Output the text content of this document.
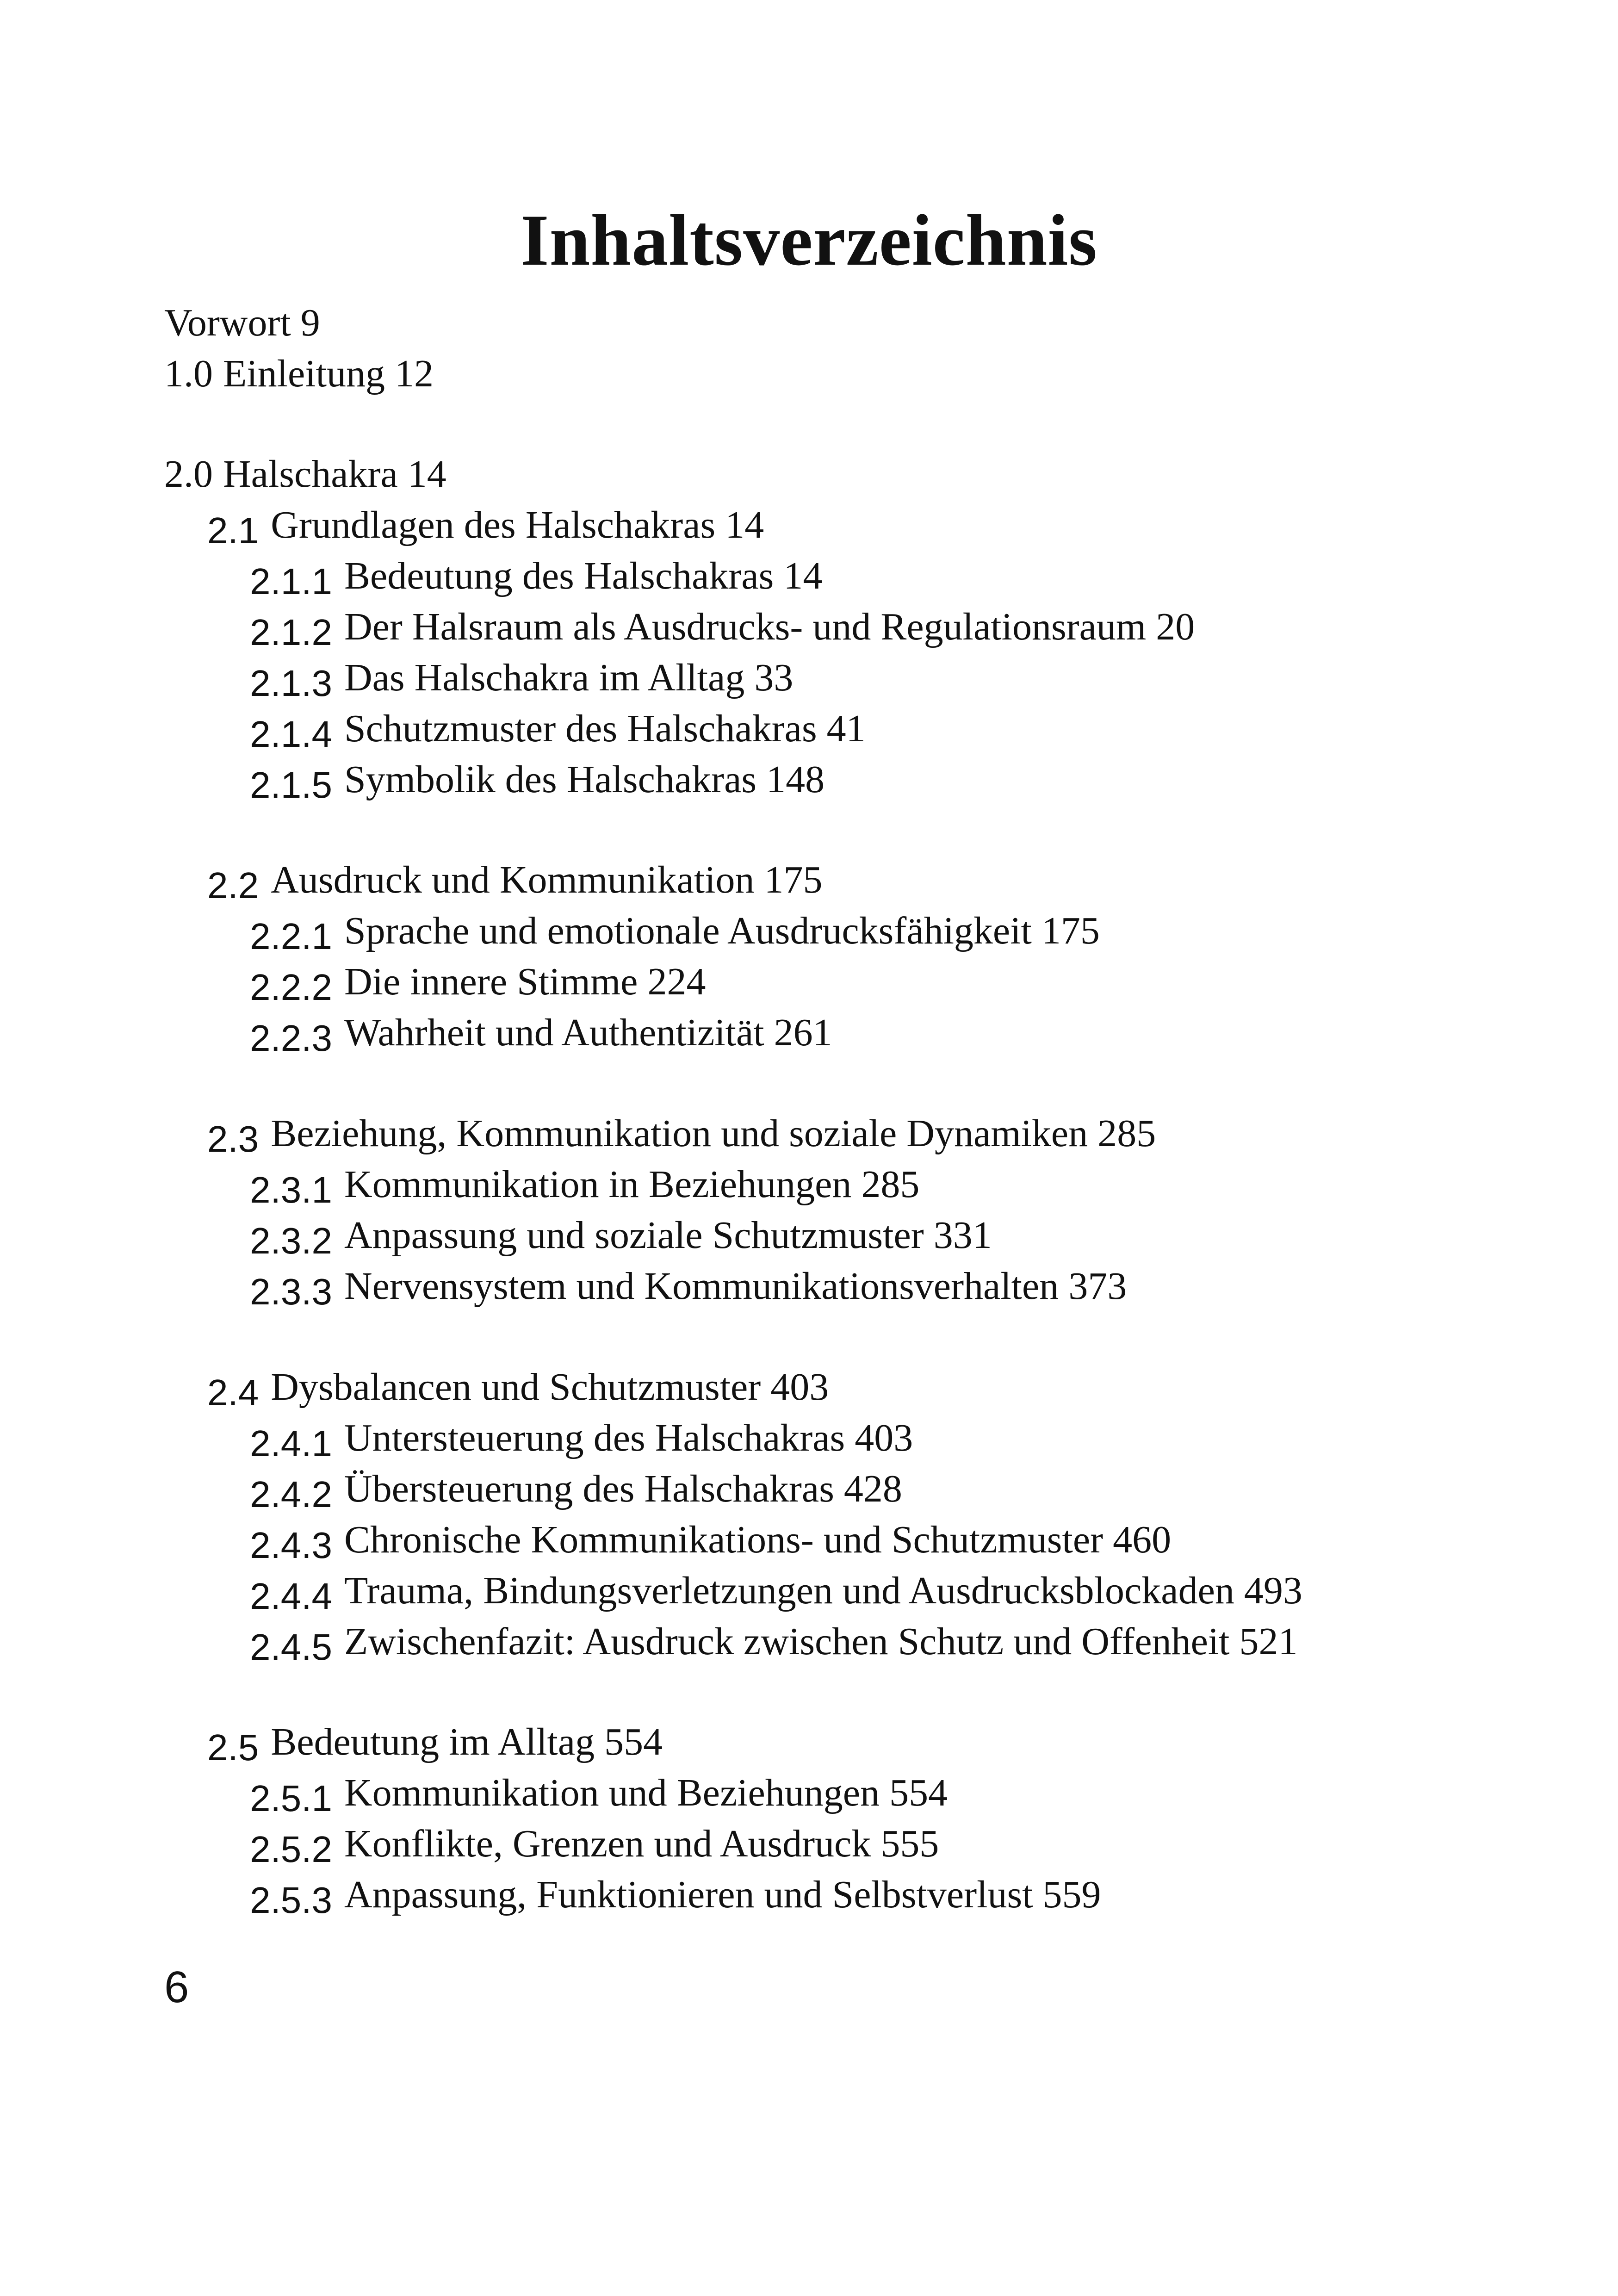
Inhaltsverzeichnis
Vorwort 9
1.0 Einleitung 12
2.0 Halschakra 14
2.1 Grundlagen des Halschakras 14
2.1.1 Bedeutung des Halschakras 14
2.1.2 Der Halsraum als Ausdrucks- und Regulationsraum 20
2.1.3 Das Halschakra im Alltag 33
2.1.4 Schutzmuster des Halschakras 41
2.1.5 Symbolik des Halschakras 148
2.2 Ausdruck und Kommunikation 175
2.2.1 Sprache und emotionale Ausdrucksfähigkeit 175
2.2.2 Die innere Stimme 224
2.2.3 Wahrheit und Authentizität 261
2.3 Beziehung, Kommunikation und soziale Dynamiken 285
2.3.1 Kommunikation in Beziehungen 285
2.3.2 Anpassung und soziale Schutzmuster 331
2.3.3 Nervensystem und Kommunikationsverhalten 373
2.4 Dysbalancen und Schutzmuster 403
2.4.1 Untersteuerung des Halschakras 403
2.4.2 Übersteuerung des Halschakras 428
2.4.3 Chronische Kommunikations- und Schutzmuster 460
2.4.4 Trauma, Bindungsverletzungen und Ausdrucksblockaden 493
2.4.5 Zwischenfazit: Ausdruck zwischen Schutz und Offenheit 521
2.5 Bedeutung im Alltag 554
2.5.1 Kommunikation und Beziehungen 554
2.5.2 Konflikte, Grenzen und Ausdruck 555
2.5.3 Anpassung, Funktionieren und Selbstverlust 559
6
